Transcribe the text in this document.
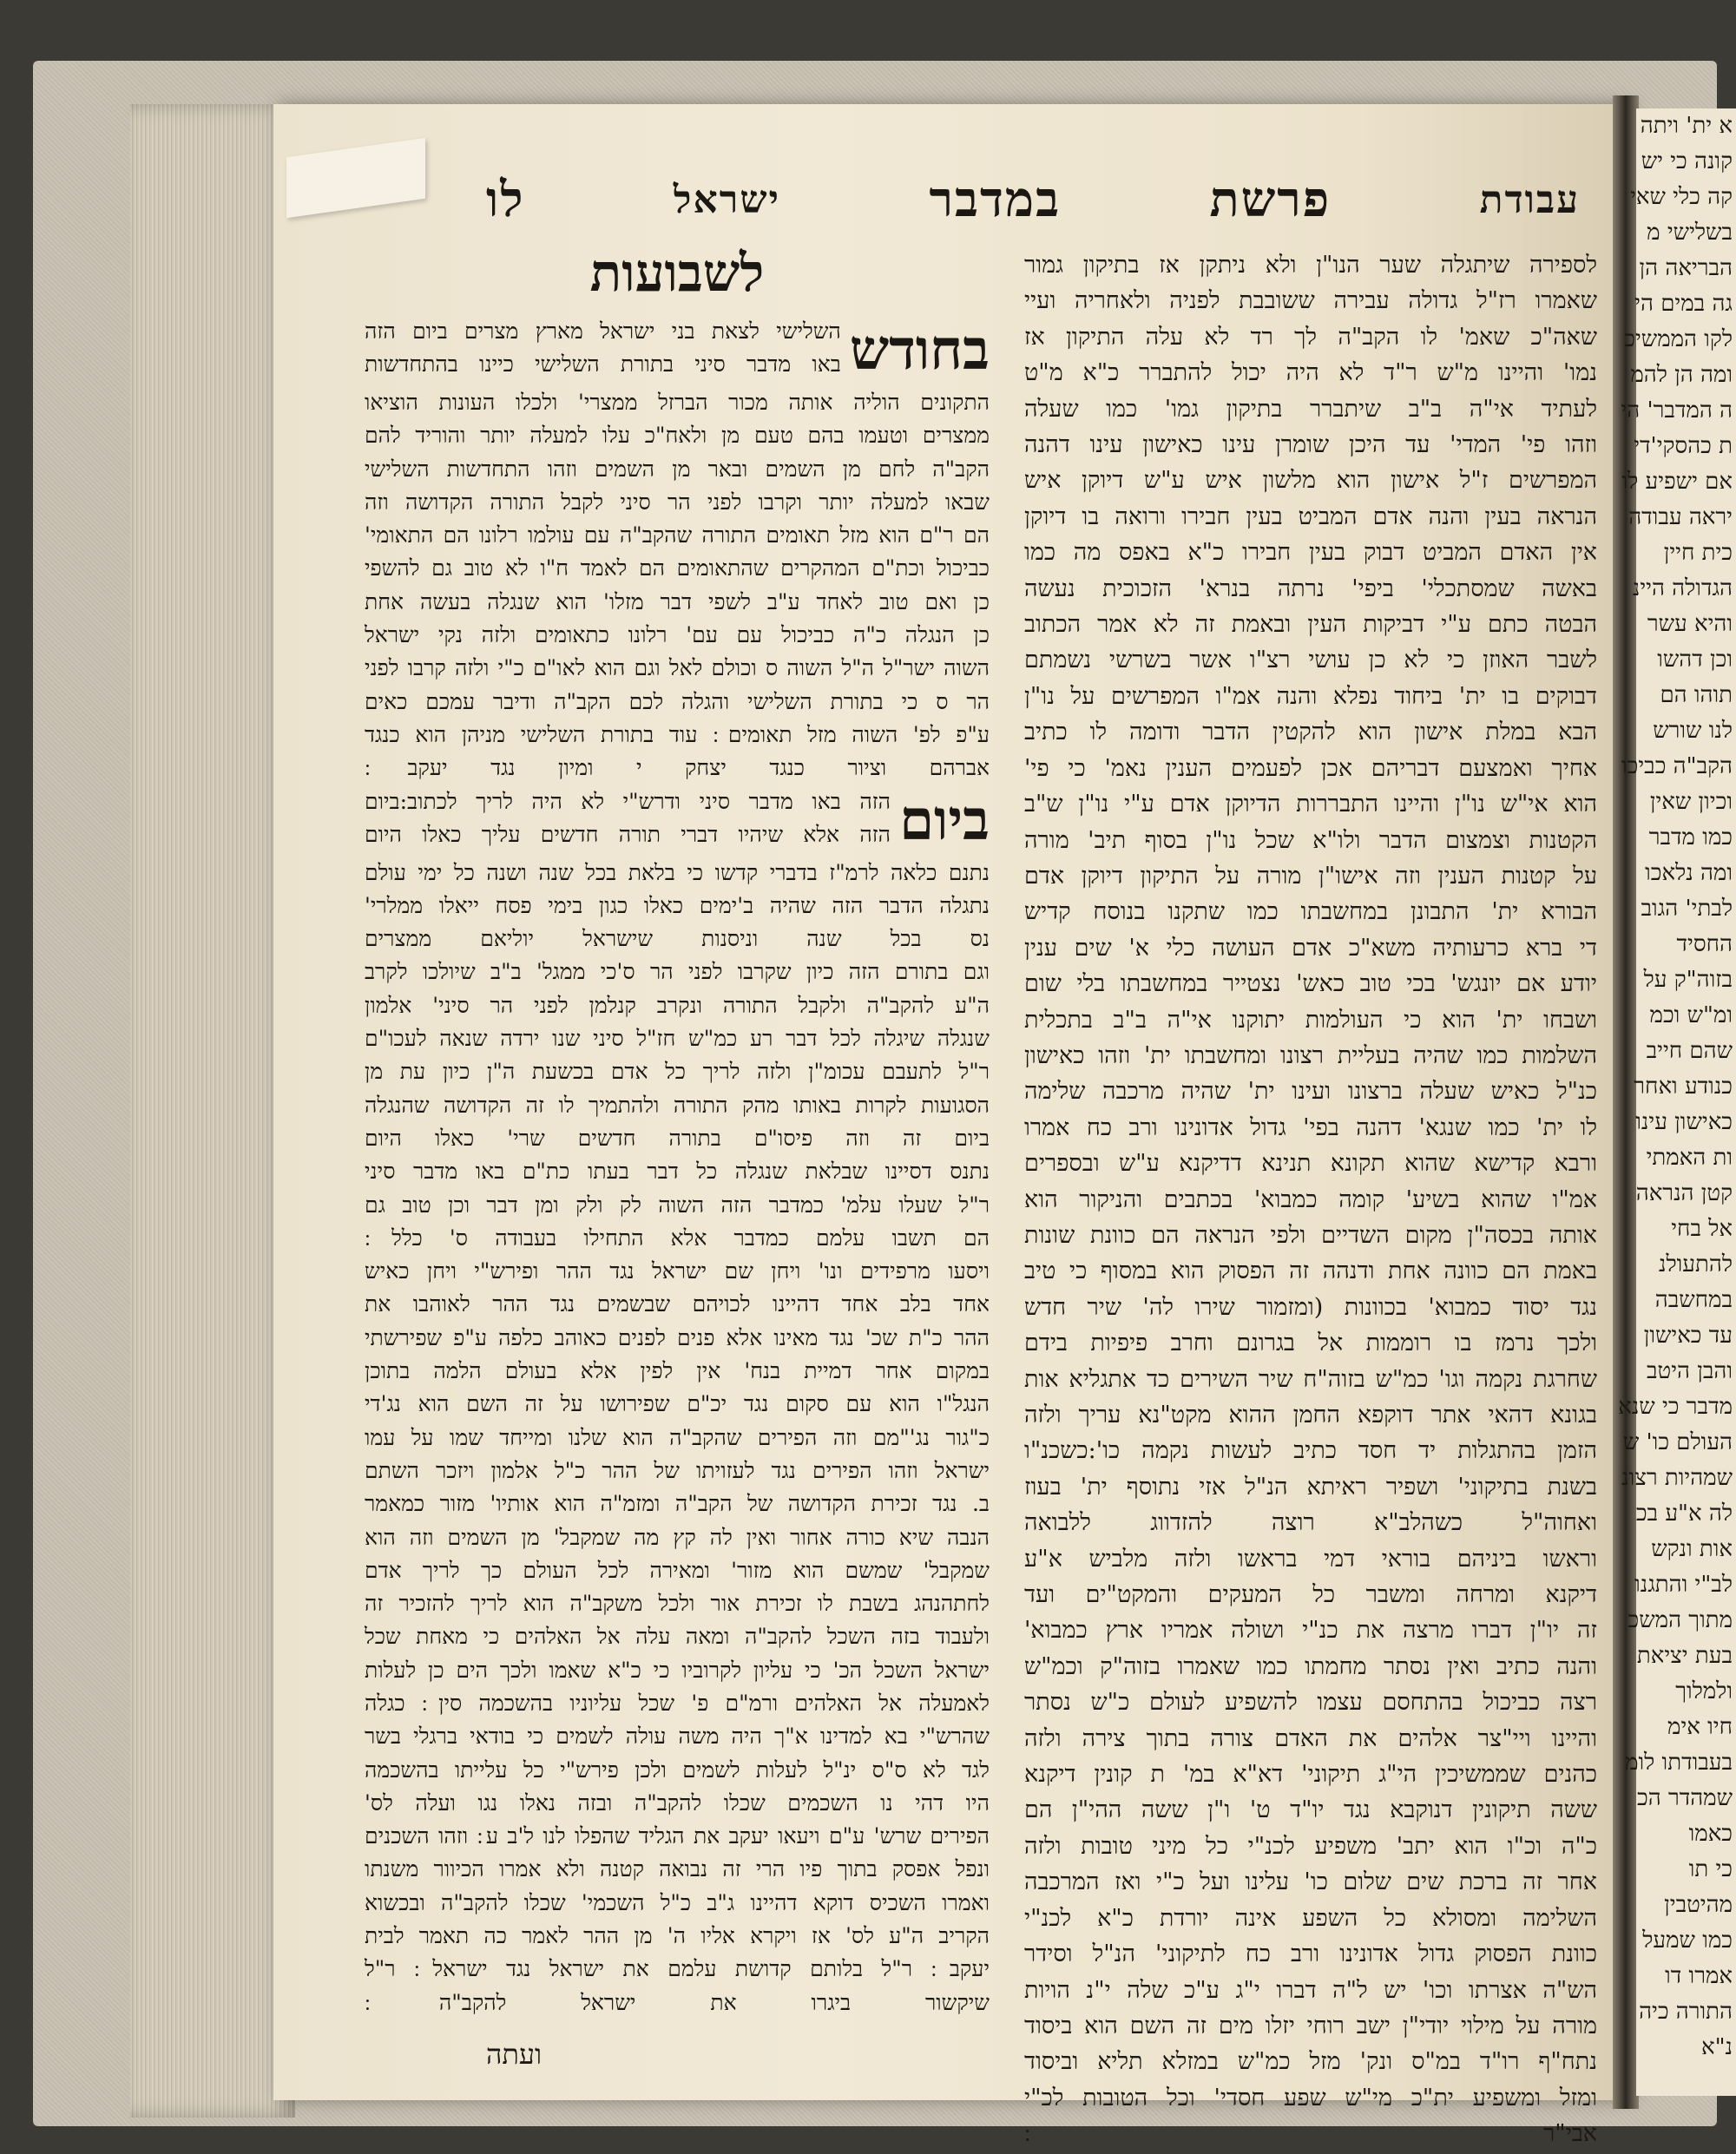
א ית' ויתה
קונה כי יש
קה כלי שאי
בשלישי מ
הבריאה הן
גה במים הי
לקו הממשיכ
ומה הן להמ
ה המדבר' הי
ת כהסקי'די
אם ישפיע לו
יראה עבודה
כית חיין
הגדולה היינ
והיא עשר
וכן דהשו
תוהו הם
לנו שורש
הקב"ה כביכו
וכיון שאין
כמו מדבר
ומה נלאכו
לבתי' הגוב
החסיד
בזוה"ק על
ומ"ש וכמ
שהם חייב
כנודע ואחר
כאישון עינו
ות האמתי
קטן הנראה
אל בחי
להתעולנ
במחשבה
עד כאישון
והבן היטב
מדבר כי שנא
העולם כו' ש
שמהיות רצונ
לה א"ע בכ
אות ונקש
לב"י והתגנו
מתוך המשכ
בעת יציאת
ולמלוך
חיו אימ
בעבודתו לומ
שמהדר הכ
כאמו
כי תו
מהיטבין
כמו שמעל
אמרו דו
התורה כיה
נ"א
עבודת
פרשת
במדבר
ישראל
לו
לספירה שיתגלה שער הנו"ן ולא ניתקן אז בתיקון גמור
שאמרו רז"ל גדולה עבירה ששובבת לפניה ולאחריה ועיי
שאה"כ שאמ' לו הקב"ה לך רד לא עלה התיקון אז
נמו' והיינו מ"ש ר"ד לא היה יכול להתברר כ"א מ"ט
לעתיד אי"ה ב"ב שיתברר בתיקון גמו' כמו שעלה
וזהו פי' המדי' עד היכן שומרן עינו כאישון עינו דהנה
המפרשים ז"ל אישון הוא מלשון איש ע"ש דיוקן איש
הנראה בעין והנה אדם המביט בעין חבירו ורואה בו דיוקן
אין האדם המביט דבוק בעין חבירו כ"א באפס מה כמו
באשה שמסתכלי' ביפי' נרתה בנרא' הזכוכית נעשה
הבטה כתם ע"י דביקות העין ובאמת זה לא אמר הכתוב
לשבר האוזן כי לא כן עושי רצ"ו אשר בשרשי נשמתם
דבוקים בו ית' ביחוד נפלא והנה אמ"ו המפרשים על נו"ן
הבא במלת אישון הוא להקטין הדבר ודומה לו כתיב
אחיך ואמצעם דבריהם אכן לפעמים הענין נאמ' כי פי'
הוא אי"ש נו"ן והיינו התבררות הדיוקן אדם ע"י נו"ן ש"ב
הקטנות וצמצום הדבר ולו"א שכל נו"ן בסוף תיב' מורה
על קטנות הענין וזה אישו"ן מורה על התיקון דיוקן אדם
הבורא ית' התבונן במחשבתו כמו שתקנו בנוסח קדיש
די ברא כרעותיה משא"כ אדם העושה כלי א' שים ענין
יודע אם יונגש' בכי טוב כאש' נצטייר במחשבתו בלי שום
ושבחו ית' הוא כי העולמות יתוקנו אי"ה ב"ב בתכלית
השלמות כמו שהיה בעליית רצונו ומחשבתו ית' וזהו כאישון
כנ"ל כאיש שעלה ברצונו ועינו ית' שהיה מרכבה שלימה
לו ית' כמו שנגא' דהנה בפי' גדול אדונינו ורב כח אמרו
ורבא קדישא שהוא תקונא תנינא דדיקנא ע"ש ובספרים
אמ"ו שהוא בשיע' קומה כמבוא' בכתבים והניקור הוא
אותה בכסה"ן מקום השדיים ולפי הנראה הם כוונת שונות
באמת הם כוונה אחת ודנהה זה הפסוק הוא במסוף כי טיב
נגד יסוד כמבוא' בכוונות (ומזמור שירו לה' שיר חדש
ולכך נרמז בו רוממות אל בגרונם וחרב פיפיות בידם
שחרגת נקמה וגו' כמ"ש בזוה"ח שיר השירים כד אתגליא אות
בגונא דהאי אתר דוקפא החמן ההוא מקט"נא עריך ולזה
הזמן בהתגלות יד חסד כתיב לעשות נקמה כו':כשכנ"ו
בשנת בתיקוני' ושפיר ראיתא הנ"ל אזי נתוסף ית' בעוז
ואחוה"ל כשהלב"א רוצה להזדווג ללבואה
וראשו ביניהם בוראי דמי בראשו ולזה מלביש א"ע
דיקנא ומרחה ומשבר כל המעקים והמקט"ים ועד
זה יו"ן דברו מרצה את כנ"י ושולה אמריו ארץ כמבוא'
והנה כתיב ואין נסתר מחמתו כמו שאמרו בזוה"ק וכמ"ש
רצה כביכול בהתחסם עצמו להשפיע לעולם כ"ש נסתר
והיינו ויי"צר אלהים את האדם צורה בתוך צירה ולזה
כהנים שממשיכין הי"ג תיקוני' דא"א במ' ת קונין דיקנא
ששה תיקונין דנוקבא נגד יו"ד ט' ו"ן ששה ההי"ן הם
כ"ה וכ"ו הוא יתב' משפיע לכנ"י כל מיני טובות ולזה
אחר זה ברכת שים שלום כו' עלינו ועל כ"י ואז המרכבה
השלימה ומסולא כל השפע אינה יורדת כ"א לכנ"י
כוונת הפסוק גדול אדונינו ורב כח לתיקוני' הנ"ל וסידר
הש"ה אצרתו וכו' יש ל"ה דברו י"ג ע"כ שלה י"נ הויות
מורה על מילוי יודי"ן ישב רוחי יזלו מים זה השם הוא ביסוד
נתח"ף רו"ד במ"ס ונק' מזל כמ"ש במזלא תליא וביסוד
ומזל ומשפיע ית"כ מי"ש שפע חסדי' וכל הטובות לכ"י
אבי"ר ׃
לשבועות
בחודש
השלישי לצאת בני ישראל מארץ מצרים ביום הזה
באו מדבר סיני בתורת השלישי כיינו בהתחדשות
התקונים הוליה אותה מכור הברזל ממצרי' ולכלו העונות הוציאו
ממצרים וטעמו בהם טעם מן ולאח"כ עלו למעלה יותר והוריד להם
הקב"ה לחם מן השמים ובאר מן השמים וזהו התחדשות השלישי
שבאו למעלה יותר וקרבו לפני הר סיני לקבל התורה הקדושה וזה
הם ר"ם הוא מזל תאומים התורה שהקב"ה עם עולמו רלונו הם התאומי'
כביכול וכת"ם המהקרים שהתאומים הם לאמד ח"ו לא טוב גם להשפי
כן ואם טוב לאחד ע"ב לשפי דבר מזלו' הוא שנגלה בעשה אחת
כן הנגלה כ"ה כביכול עם עם' רלונו כתאומים ולזה נקי ישראל
השוה ישר"ל ה"ל השוה ס וכולם לאל וגם הוא לאו"ם כ"י ולזה קרבו לפני
הר ס כי בתורת השלישי והגלה לכם הקב"ה ודיבר עמכם כאים
ע"פ לפ' השוה מזל תאומים ׃ עוד בתורת השלישי מניהן הוא כנגד
אברהם וציור כנגד יצחק י ומיון נגד יעקב ׃
ביום
הזה באו מדבר סיני ודרש"י לא היה לריך לכתוב:ביום
הזה אלא שיהיו דברי תורה חדשים עליך כאלו היום
נתנם כלאה לרמ"ז בדברי קדשו כי בלאת בכל שנה ושנה כל ימי עולם
נתגלה הדבר הזה שהיה ב'ימים כאלו כגון בימי פסח ייאלו ממלרי'
נס בכל שנה וניסנות שישראל יוליאם ממצרים
וגם בתורם הזה כיון שקרבו לפני הר ס'כי ממגל' ב"ב שיולכו לקרב
ה"ע להקב"ה ולקבל התורה ונקרב קנלמן לפני הר סיני' אלמון
שנגלה שיגלה לכל דבר רע כמ"ש חז"ל סיני שנו ירדה שנאה לעכו"ם
ר"ל לתעבם עכומ"ן ולזה לריך כל אדם בכשעת ה"ן כיון עת מן
הסגועות לקרות באותו מהק התורה ולהתמיך לו זה הקדושה שהנגלה
ביום זה וזה פיסו"ם בתורה חדשים שרי' כאלו היום
נתנס דסיינו שבלאת שנגלה כל דבר בעתו כת"ם באו מדבר סיני
ר"ל שעלו עלמ' כמדבר הזה השוה לק ולק ומן דבר וכן טוב גם
הם תשבו עלמם כמדבר אלא התחילו בעבודה ס' כלל ׃
ויסעו מרפידים ונו' ויחן שם ישראל נגד ההר ופירש"י ויחן כאיש
אחד בלב אחד דהיינו לכויהם שבשמים נגד ההר לאוהבו את
ההר כ"ת שכ' נגד מאינו אלא פנים לפנים כאוהב כלפה ע"פ שפירשתי
במקום אחר דמיית בנח' אין לפין אלא בעולם הלמה בתוכן
הנגל"ו הוא עם סקום נגד יכ"ם שפירושו על זה השם הוא נג'די
כ"גור נג'"מם וזה הפירים שהקב"ה הוא שלנו ומייחד שמו על עמו
ישראל וזהו הפירים נגד לעזויתו של ההר כ"ל אלמון ויזכר השתם
ב. נגד זכירת הקדושה של הקב"ה ומזמ"ה הוא אותיו' מזור כמאמר
הנבה שיא כורה אחור ואין לה קץ מה שמקבל' מן השמים וזה הוא
שמקבל' שמשם הוא מזור' ומאירה לכל העולם כך לריך אדם
לחתהנהג בשבת לו זכירת אור ולכל משקב"ה הוא לריך להזכיר זה
ולעבוד בזה השכל להקב"ה ומאה עלה אל האלהים כי מאחת שכל
ישראל השכל הכ' כי עליון לקרוביו כי כ"א שאמו ולכך הים כן לעלות
לאמעלה אל האלהים ורמ"ם פ' שכל עליוניו בהשכמה סין ׃ כגלה
שהרש"י בא למדינו א"ך היה משה עולה לשמים כי בודאי ברגלי בשר
לגד לא ס"ס ינ"ל לעלות לשמים ולכן פירש"י כל עלייתו בהשכמה
היו דהי נו השכמים שכלו להקב"ה ובזה נאלו נגו ועלה לס'
הפירים שרש' ע"ם ויעאו יעקב את הגליד שהפלו לנו ל'ב ע ׃ וזהו השכנים
ונפל אפסק בתוך פיו הרי זה נבואה קטנה ולא אמרו הכיוור משנתו
ואמרו השכיס דוקא דהיינו ג"ב כ"ל השכמי' שכלו להקב"ה ובכשוא
הקריב ה"ע לס' אז ויקרא אליו ה' מן ההר לאמר כה תאמר לבית
יעקב ׃ ר"ל בלותם קדושת עלמם את ישראל נגד ישראל ׃ ר"ל
שיקשור ביגרו את ישראל להקב"ה ׃
ועתה
